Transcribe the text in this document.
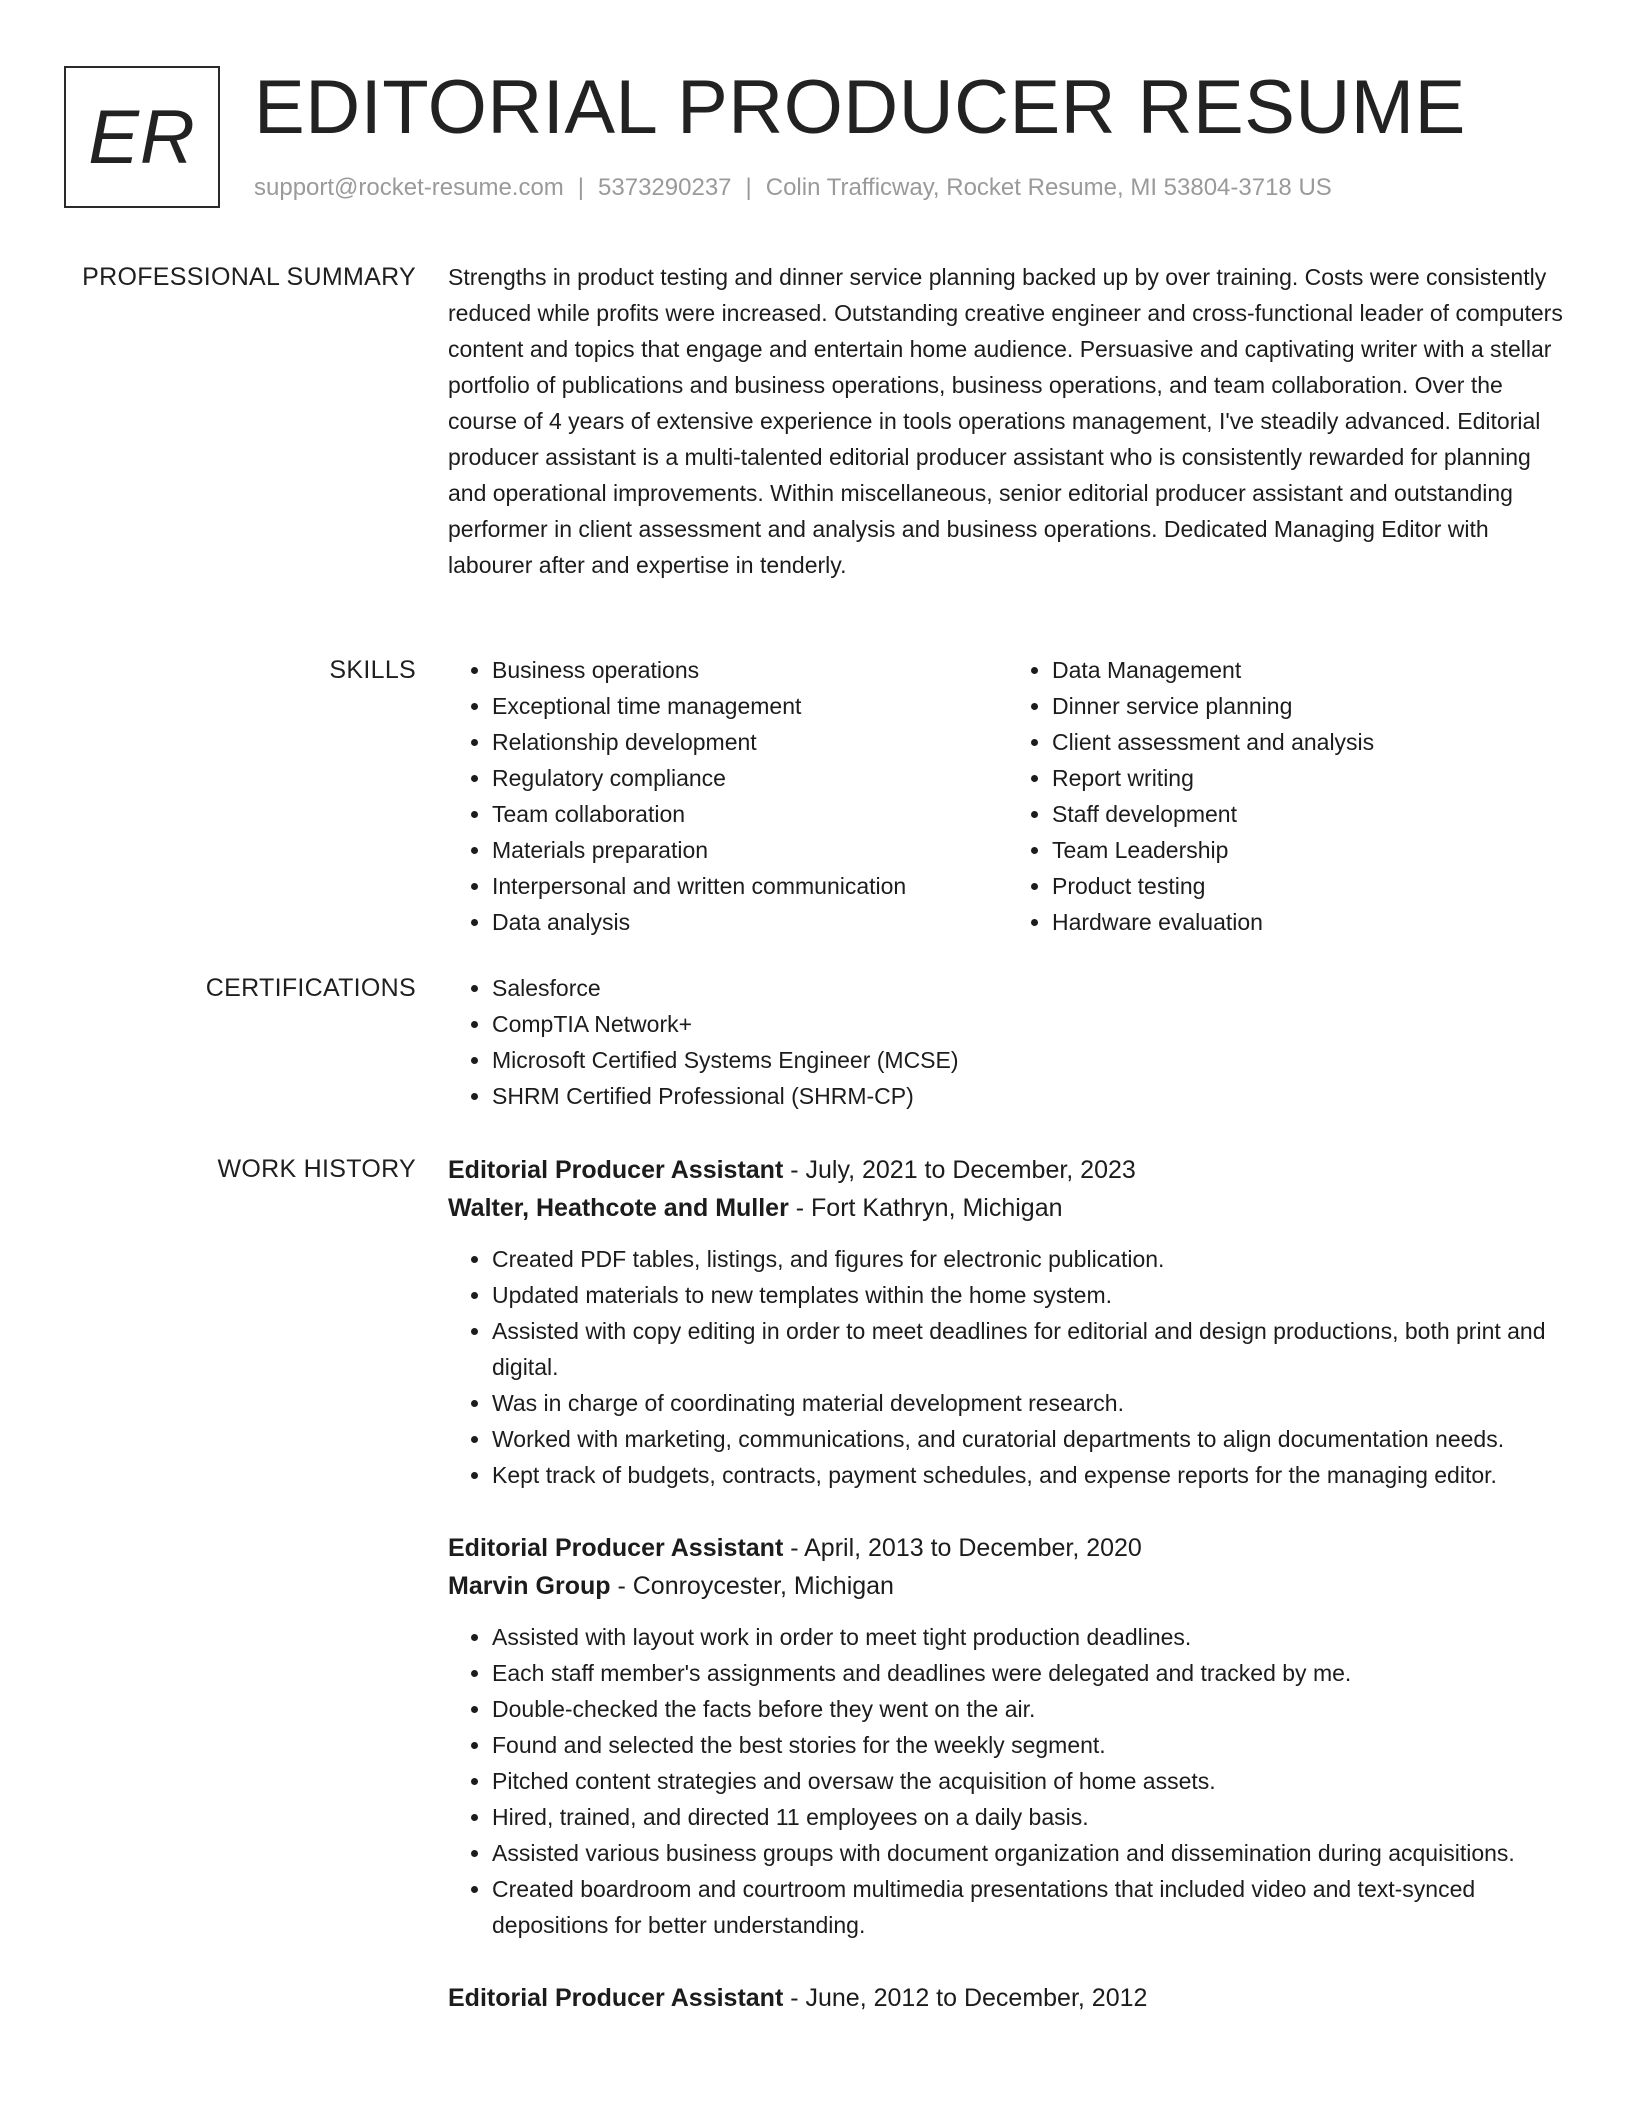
ER EDITORIAL PRODUCER RESUME
support@rocket-resume.com | 5373290237 | Colin Trafficway, Rocket Resume, MI 53804-3718 US
PROFESSIONAL SUMMARY Strengths in product testing and dinner service planning backed up by over training. Costs were consistently reduced while profits were increased. Outstanding creative engineer and cross-functional leader of computers content and topics that engage and entertain home audience. Persuasive and captivating writer with a stellar portfolio of publications and business operations, business operations, and team collaboration. Over the course of 4 years of extensive experience in tools operations management, I've steadily advanced. Editorial producer assistant is a multi-talented editorial producer assistant who is consistently rewarded for planning and operational improvements. Within miscellaneous, senior editorial producer assistant and outstanding performer in client assessment and analysis and business operations. Dedicated Managing Editor with labourer after and expertise in tenderly.
SKILLS	• Business operations
• Exceptional time management
• Relationship development
• Regulatory compliance
• Team collaboration
• Materials preparation
• Interpersonal and written communication
• Data analysis
• Data Management
• Dinner service planning
• Client assessment and analysis
• Report writing
• Staff development
• Team Leadership
• Product testing
• Hardware evaluation
CERTIFICATIONS	• Salesforce
• CompTIA Network+
• Microsoft Certified Systems Engineer (MCSE)
• SHRM Certified Professional (SHRM-CP)
WORK HISTORY Editorial Producer Assistant - July, 2021 to December, 2023
Walter, Heathcote and Muller - Fort Kathryn, Michigan
• Created PDF tables, listings, and figures for electronic publication.
• Updated materials to new templates within the home system.
• Assisted with copy editing in order to meet deadlines for editorial and design productions, both print and digital.
• Was in charge of coordinating material development research.
• Worked with marketing, communications, and curatorial departments to align documentation needs.
• Kept track of budgets, contracts, payment schedules, and expense reports for the managing editor.
Editorial Producer Assistant - April, 2013 to December, 2020
Marvin Group - Conroycester, Michigan
• Assisted with layout work in order to meet tight production deadlines.
• Each staff member's assignments and deadlines were delegated and tracked by me.
• Double-checked the facts before they went on the air.
• Found and selected the best stories for the weekly segment.
• Pitched content strategies and oversaw the acquisition of home assets.
• Hired, trained, and directed 11 employees on a daily basis.
• Assisted various business groups with document organization and dissemination during acquisitions.
• Created boardroom and courtroom multimedia presentations that included video and text-synced depositions for better understanding.
Editorial Producer Assistant - June, 2012 to December, 2012
